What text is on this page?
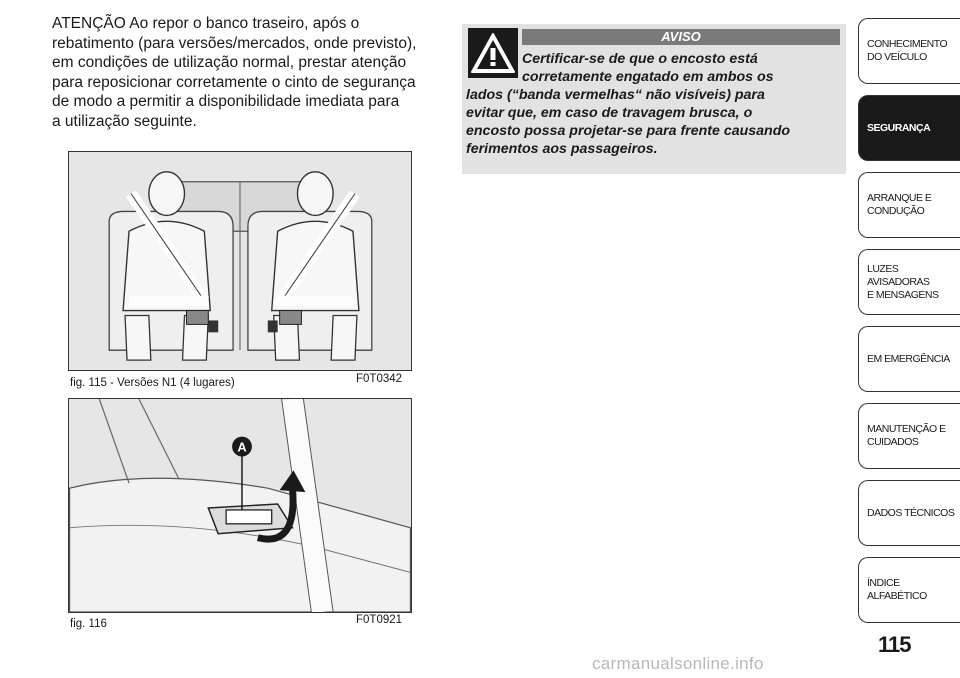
ATENÇÃO Ao repor o banco traseiro, após o
rebatimento (para versões/mercados, onde previsto),
em condições de utilização normal, prestar atenção
para reposicionar corretamente o cinto de segurança
de modo a permitir a disponibilidade imediata para
a utilização seguinte.

fig. 115 - Versões N1 (4 lugares)	F0T0342
A
fig. 116	F0T0921
AVISO

Certificar-se de que o encosto está
corretamente engatado em ambos os
lados (“banda vermelhas“ não visíveis) para
evitar que, em caso de travagem brusca, o
encosto possa projetar-se para frente causando
ferimentos aos passageiros.

CONHECIMENTO
DO VEÍCULO
SEGURANÇA
ARRANQUE E
CONDUÇÃO
LUZES AVISADORAS
E MENSAGENS
EM EMERGÊNCIA
MANUTENÇÃO E
CUIDADOS
DADOS TÉCNICOS
ÍNDICE ALFABÉTICO
115
carmanualsonline.info
